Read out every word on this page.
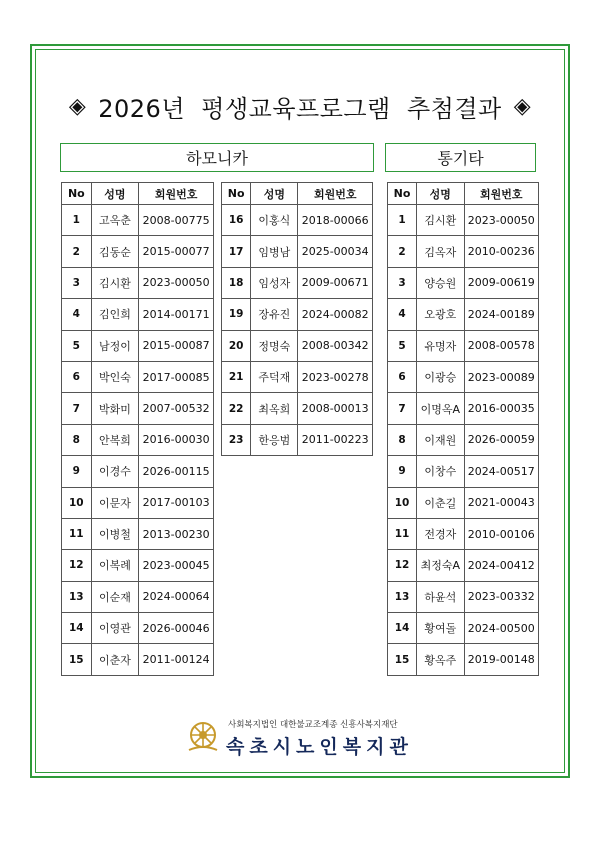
◈ 2026년  평생교육프로그램  추첨결과 ◈
하모니카	통기타
No	성명	회원번호
1	고옥춘	2008-00775
2	김동순	2015-00077
3	김시환	2023-00050
4	김인희	2014-00171
5	남정이	2015-00087
6	박인숙	2017-00085
7	박화미	2007-00532
8	안복희	2016-00030
9	이경수	2026-00115
10	이문자	2017-00103
11	이병철	2013-00230
12	이복례	2023-00045
13	이순재	2024-00064
14	이영관	2026-00046
15	이춘자	2011-00124
No	성명	회원번호
16	이홍식	2018-00066
17	임병남	2025-00034
18	임성자	2009-00671
19	장유진	2024-00082
20	정명숙	2008-00342
21	주덕재	2023-00278
22	최옥희	2008-00013
23	한응범	2011-00223
No	성명	회원번호
1	김시환	2023-00050
2	김옥자	2010-00236
3	양승원	2009-00619
4	오광호	2024-00189
5	유명자	2008-00578
6	이광승	2023-00089
7	이명옥A	2016-00035
8	이재원	2026-00059
9	이창수	2024-00517
10	이춘길	2021-00043
11	전경자	2010-00106
12	최정숙A	2024-00412
13	하윤석	2023-00332
14	황여돌	2024-00500
15	황옥주	2019-00148
사회복지법인 대한불교조계종 신흥사복지재단
속초시노인복지관
